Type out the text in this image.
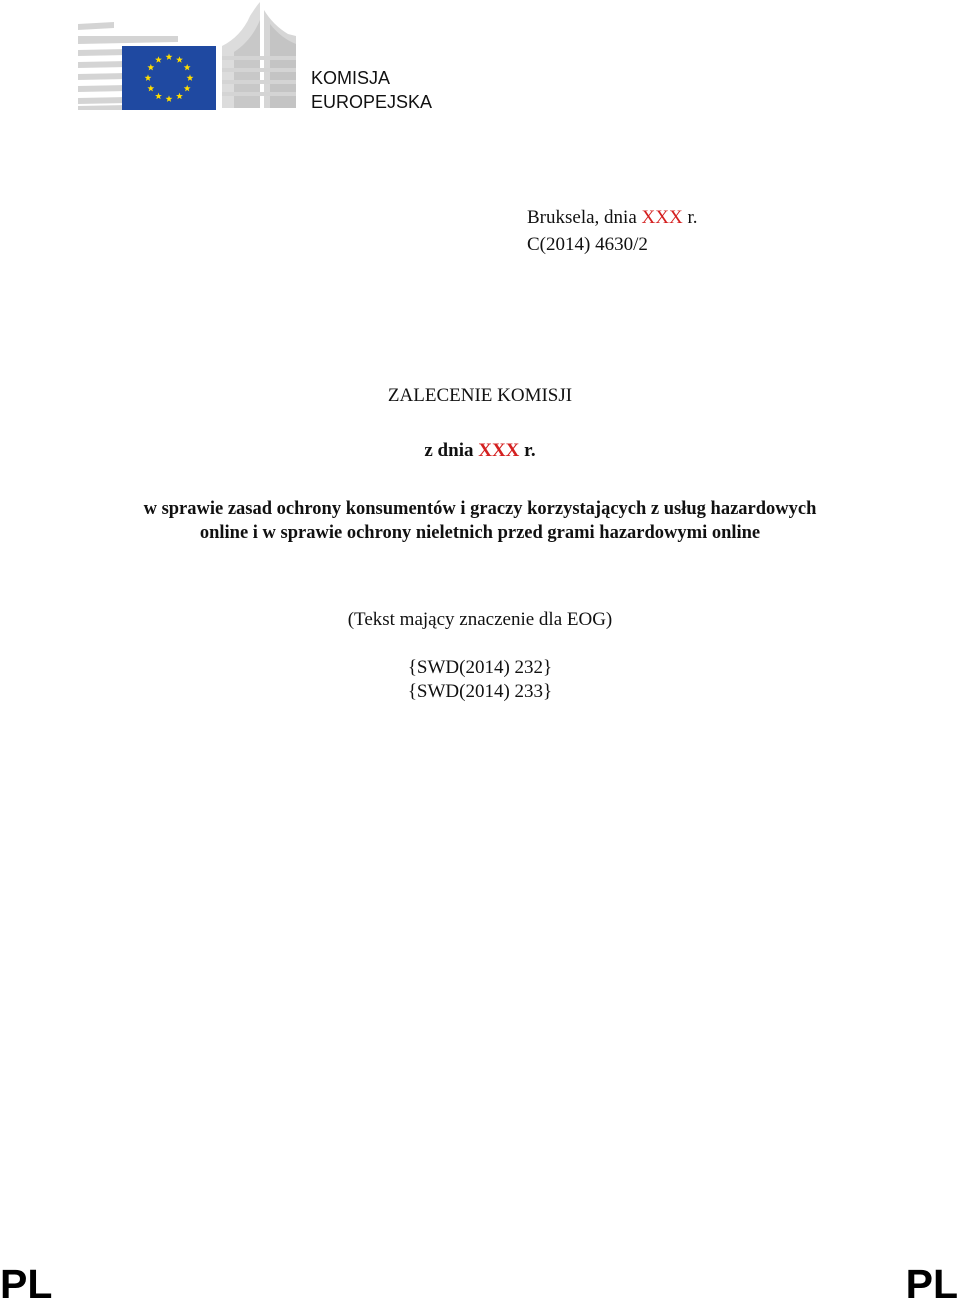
KOMISJA
EUROPEJSKA
Bruksela, dnia XXX r.
C(2014) 4630/2
ZALECENIE KOMISJI
z dnia XXX r.
w sprawie zasad ochrony konsumentów i graczy korzystających z usług hazardowych
online i w sprawie ochrony nieletnich przed grami hazardowymi online
(Tekst mający znaczenie dla EOG)
{SWD(2014) 232}
{SWD(2014) 233}
PL	PL
